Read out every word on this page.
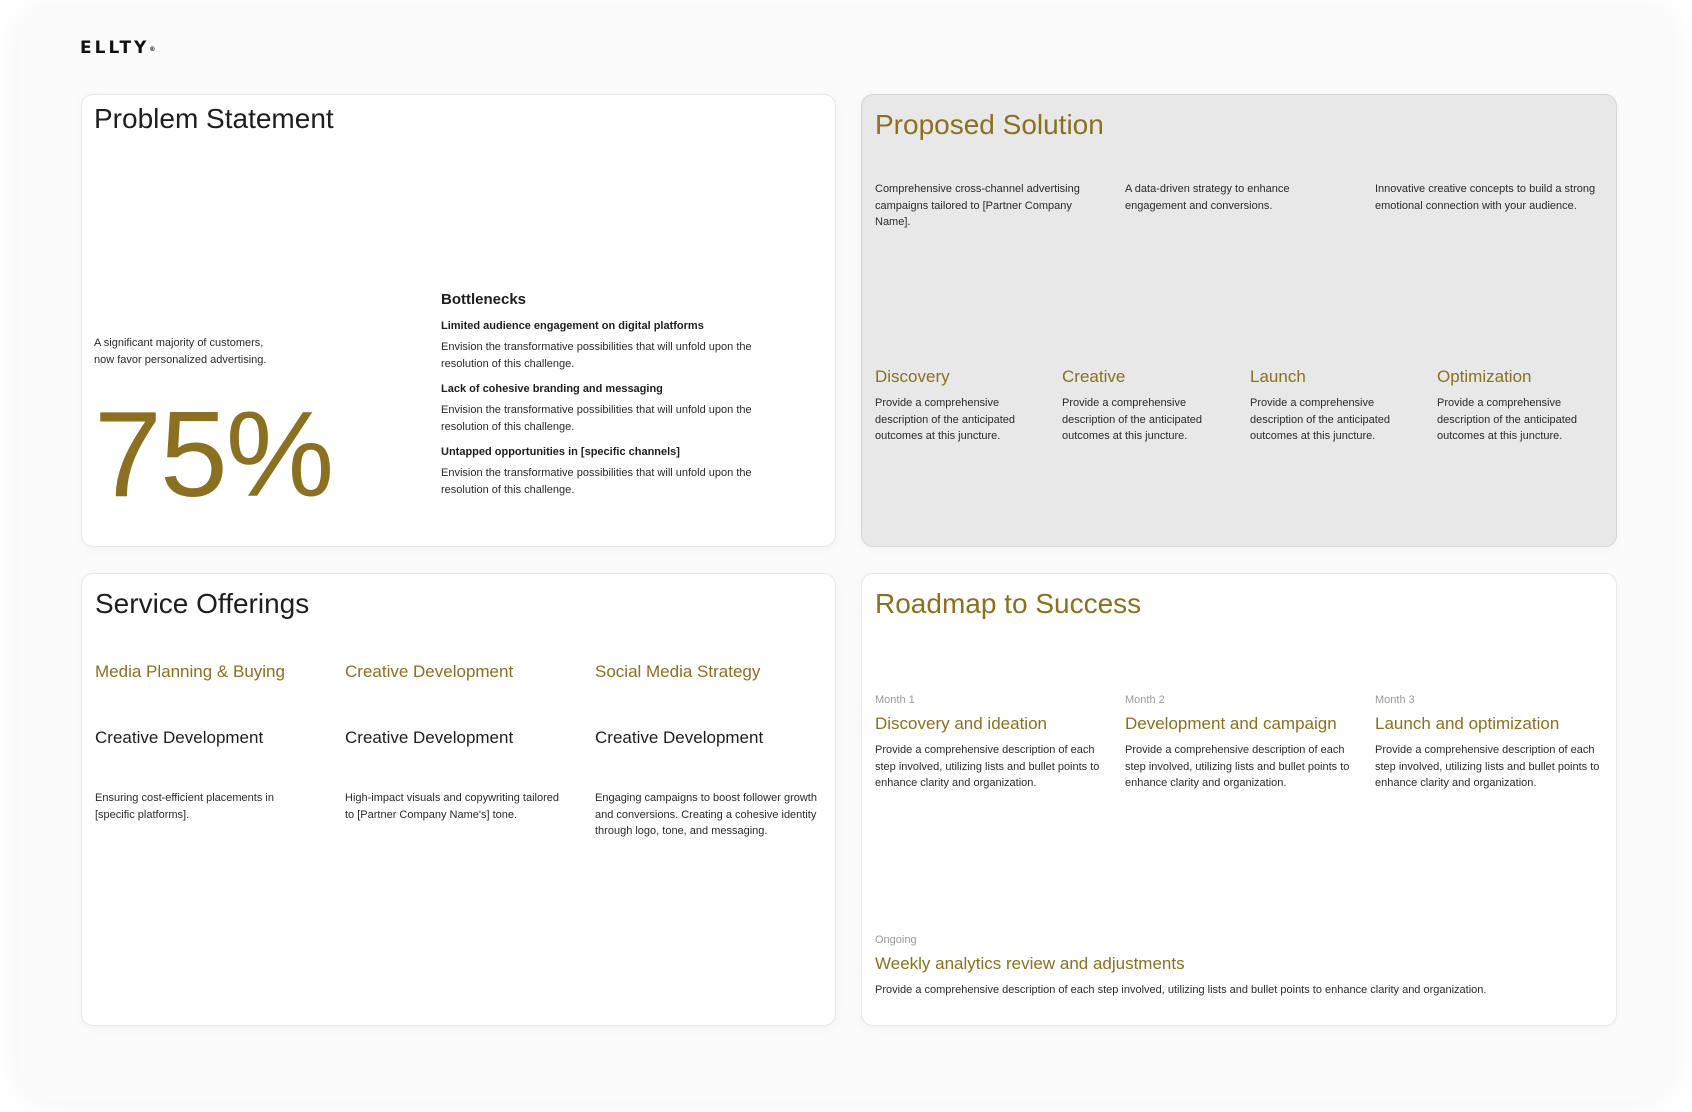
ELLTY®
Problem Statement
A significant majority of customers, now favor personalized advertising.
75%
Bottlenecks
Limited audience engagement on digital platforms
Envision the transformative possibilities that will unfold upon the resolution of this challenge.
Lack of cohesive branding and messaging
Envision the transformative possibilities that will unfold upon the resolution of this challenge.
Untapped opportunities in [specific channels]
Envision the transformative possibilities that will unfold upon the resolution of this challenge.
Proposed Solution
Comprehensive cross-channel advertising campaigns tailored to [Partner Company Name].
A data-driven strategy to enhance engagement and conversions.
Innovative creative concepts to build a strong emotional connection with your audience.
Discovery
Provide a comprehensive description of the anticipated outcomes at this juncture.
Creative
Provide a comprehensive description of the anticipated outcomes at this juncture.
Launch
Provide a comprehensive description of the anticipated outcomes at this juncture.
Optimization
Provide a comprehensive description of the anticipated outcomes at this juncture.
Service Offerings
Media Planning & Buying
Creative Development
Ensuring cost-efficient placements in [specific platforms].
Creative Development
Creative Development
High-impact visuals and copywriting tailored to [Partner Company Name's] tone.
Social Media Strategy
Creative Development
Engaging campaigns to boost follower growth and conversions. Creating a cohesive identity through logo, tone, and messaging.
Roadmap to Success
Month 1
Discovery and ideation
Provide a comprehensive description of each step involved, utilizing lists and bullet points to enhance clarity and organization.
Month 2
Development and campaign
Provide a comprehensive description of each step involved, utilizing lists and bullet points to enhance clarity and organization.
Month 3
Launch and optimization
Provide a comprehensive description of each step involved, utilizing lists and bullet points to enhance clarity and organization.
Ongoing
Weekly analytics review and adjustments
Provide a comprehensive description of each step involved, utilizing lists and bullet points to enhance clarity and organization.
